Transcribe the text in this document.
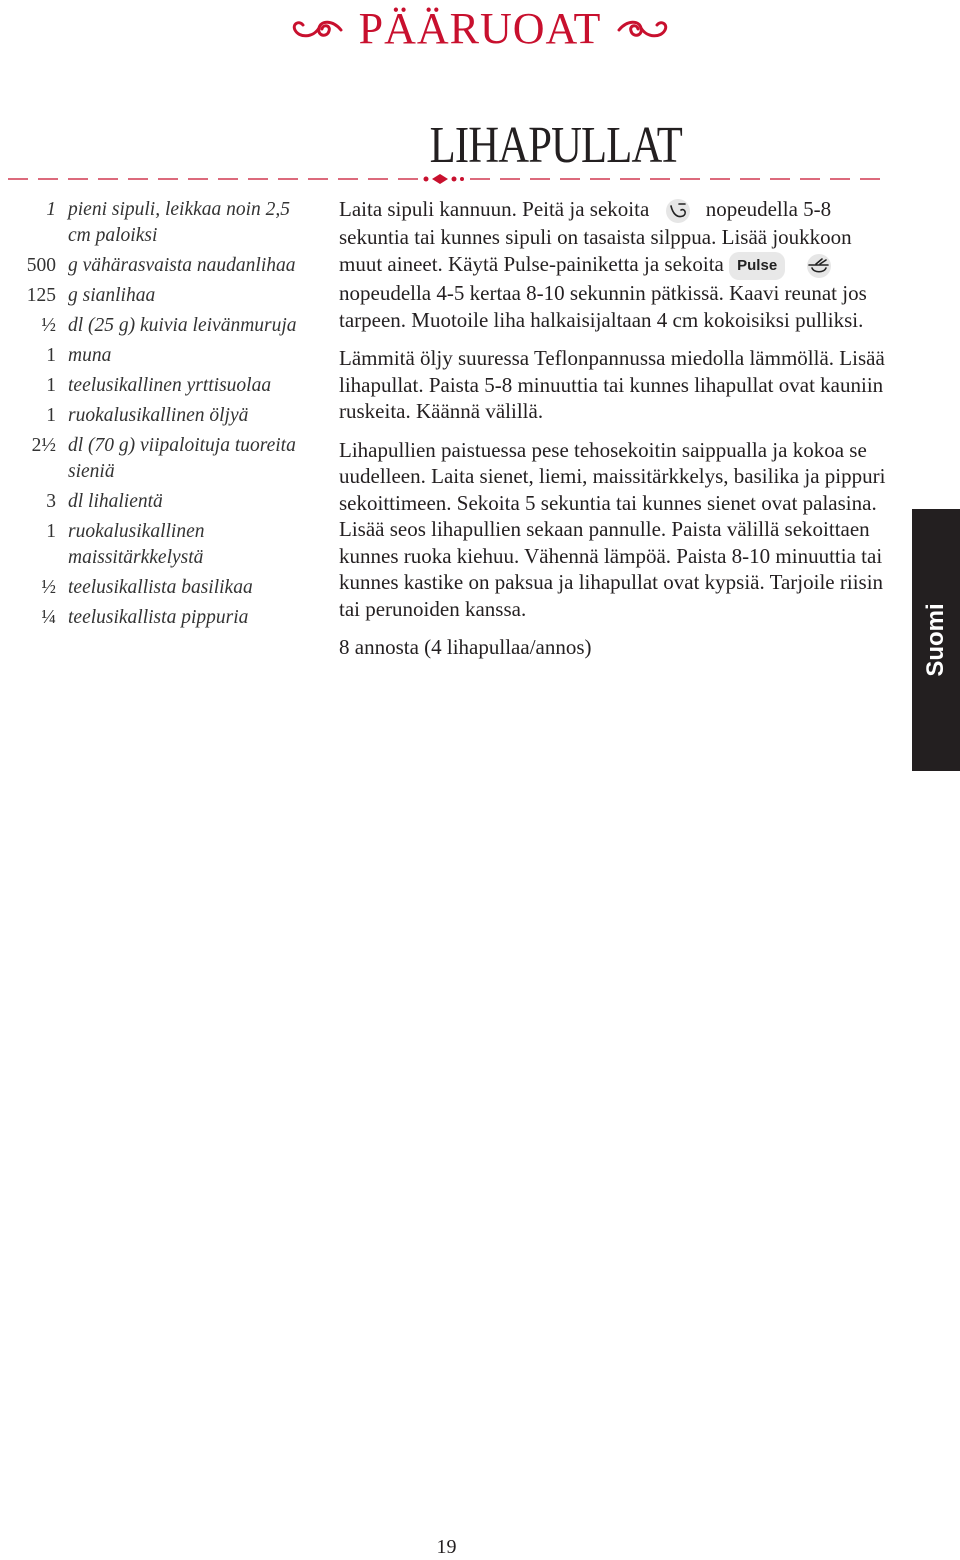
PÄÄRUOAT
LIHAPULLAT
1 pieni sipuli, leikkaa noin 2,5 cm paloiksi
500 g vähärasvaista naudanlihaa
125 g sianlihaa
½ dl (25 g) kuivia leivänmuruja
1 muna
1 teelusikallinen yrttisuolaa
1 ruokalusikallinen öljyä
2½ dl (70 g) viipaloituja tuoreita sieniä
3 dl lihalientä
1 ruokalusikallinen maissitärkkelystä
½ teelusikallista basilikaa
¼ teelusikallista pippuria

Laita sipuli kannuun. Peitä ja sekoita	nopeudella 5-8 sekuntia tai kunnes sipuli on tasaista silppua. Lisää joukkoon muut aineet. Käytä Pulse-painiketta ja sekoita Pulse  nopeudella 4-5 kertaa 8-10 sekunnin pätkissä. Kaavi reunat jos tarpeen. Muotoile liha halkaisijaltaan 4 cm kokoisiksi pulliksi.

Lämmitä öljy suuressa Teflonpannussa miedolla lämmöllä. Lisää lihapullat. Paista 5-8 minuuttia tai kunnes lihapullat ovat kauniin ruskeita. Käännä välillä.

Lihapullien paistuessa pese tehosekoitin saippualla ja kokoa se uudelleen. Laita sienet, liemi, maissitärkkelys, basilika ja pippuri sekoittimeen. Sekoita 5 sekuntia tai kunnes sienet ovat palasina. Lisää seos lihapullien sekaan pannulle. Paista välillä sekoittaen kunnes ruoka kiehuu. Vähennä lämpöä. Paista 8-10 minuuttia tai kunnes kastike on paksua ja lihapullat ovat kypsiä. Tarjoile riisin tai perunoiden kanssa.

8 annosta (4 lihapullaa/annos)	Suomi
19
